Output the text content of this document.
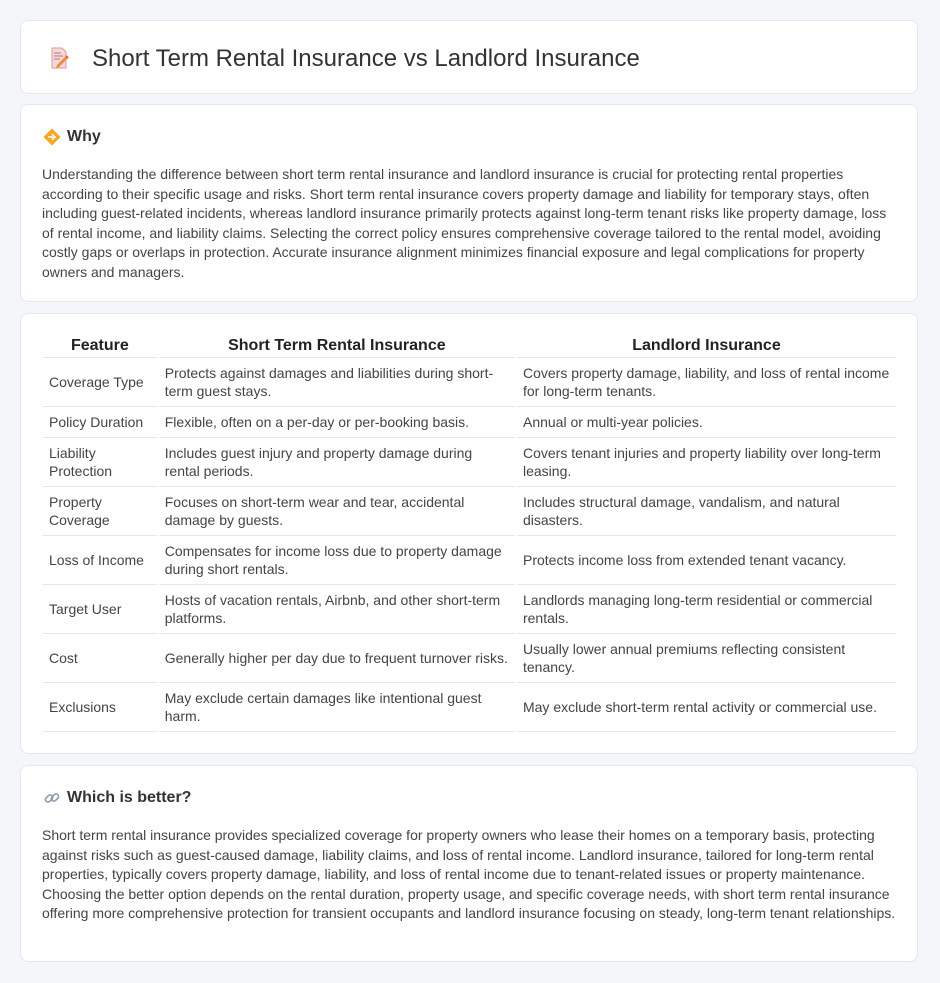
Short Term Rental Insurance vs Landlord Insurance
Why

Understanding the difference between short term rental insurance and landlord insurance is crucial for protecting rental properties according to their specific usage and risks. Short term rental insurance covers property damage and liability for temporary stays, often including guest-related incidents, whereas landlord insurance primarily protects against long-term tenant risks like property damage, loss of rental income, and liability claims. Selecting the correct policy ensures comprehensive coverage tailored to the rental model, avoiding costly gaps or overlaps in protection. Accurate insurance alignment minimizes financial exposure and legal complications for property owners and managers.

Feature	Short Term Rental Insurance	Landlord Insurance
Coverage Type	Protects against damages and liabilities during short-term guest stays.	Covers property damage, liability, and loss of rental income for long-term tenants.
Policy Duration	Flexible, often on a per-day or per-booking basis.	Annual or multi-year policies.
Liability Protection	Includes guest injury and property damage during rental periods.	Covers tenant injuries and property liability over long-term leasing.
Property Coverage	Focuses on short-term wear and tear, accidental damage by guests.	Includes structural damage, vandalism, and natural disasters.
Loss of Income	Compensates for income loss due to property damage during short rentals.	Protects income loss from extended tenant vacancy.
Target User	Hosts of vacation rentals, Airbnb, and other short-term platforms.	Landlords managing long-term residential or commercial rentals.
Cost	Generally higher per day due to frequent turnover risks.	Usually lower annual premiums reflecting consistent tenancy.
Exclusions	May exclude certain damages like intentional guest harm.	May exclude short-term rental activity or commercial use.
Which is better?

Short term rental insurance provides specialized coverage for property owners who lease their homes on a temporary basis, protecting against risks such as guest-caused damage, liability claims, and loss of rental income. Landlord insurance, tailored for long-term rental properties, typically covers property damage, liability, and loss of rental income due to tenant-related issues or property maintenance. Choosing the better option depends on the rental duration, property usage, and specific coverage needs, with short term rental insurance offering more comprehensive protection for transient occupants and landlord insurance focusing on steady, long-term tenant relationships.
